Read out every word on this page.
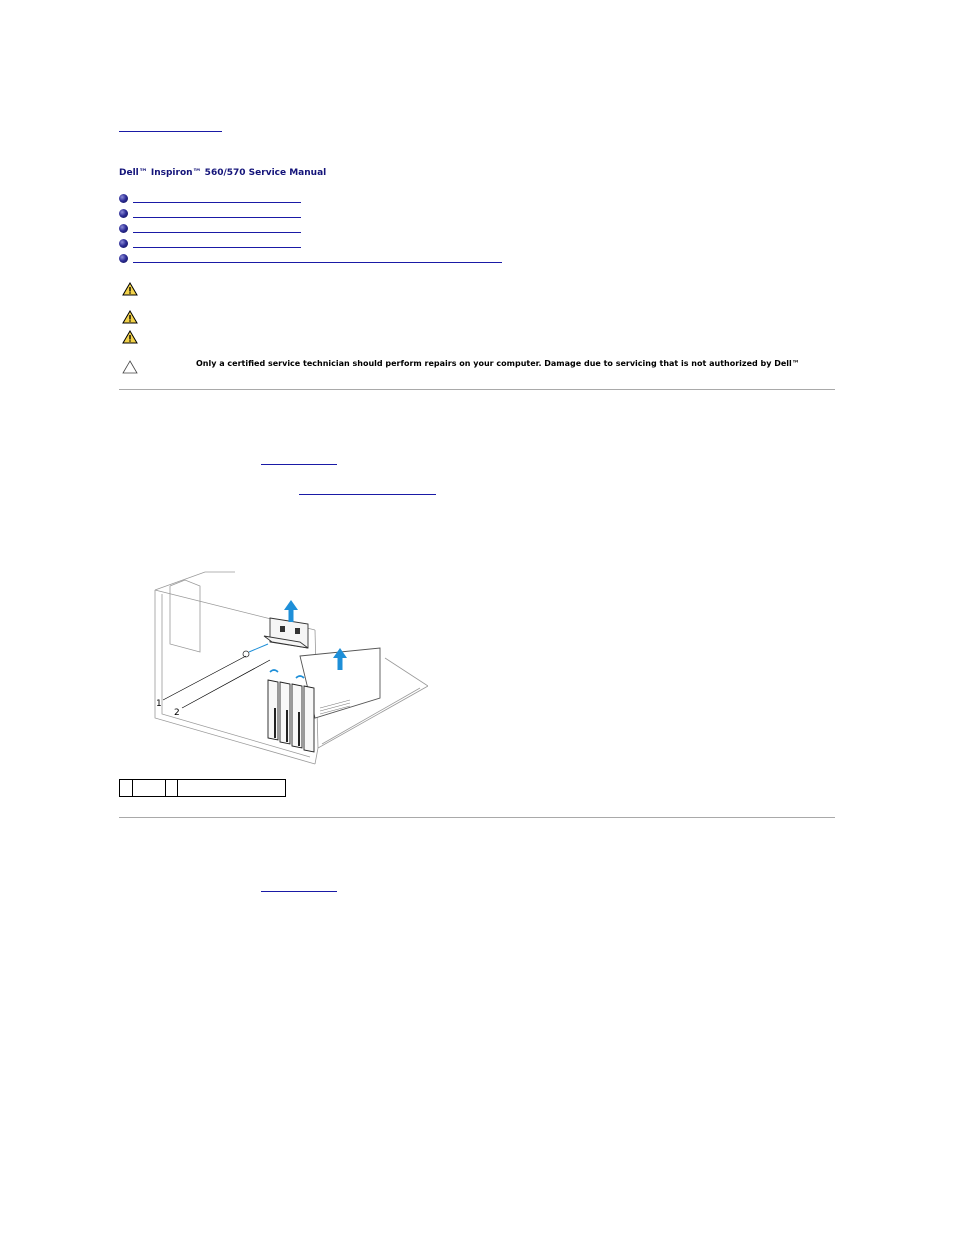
Dell™ Inspiron™ 560/570 Service Manual
Only a certified service technician should perform repairs on your computer. Damage due to servicing that is not authorized by Dell™
1
2
